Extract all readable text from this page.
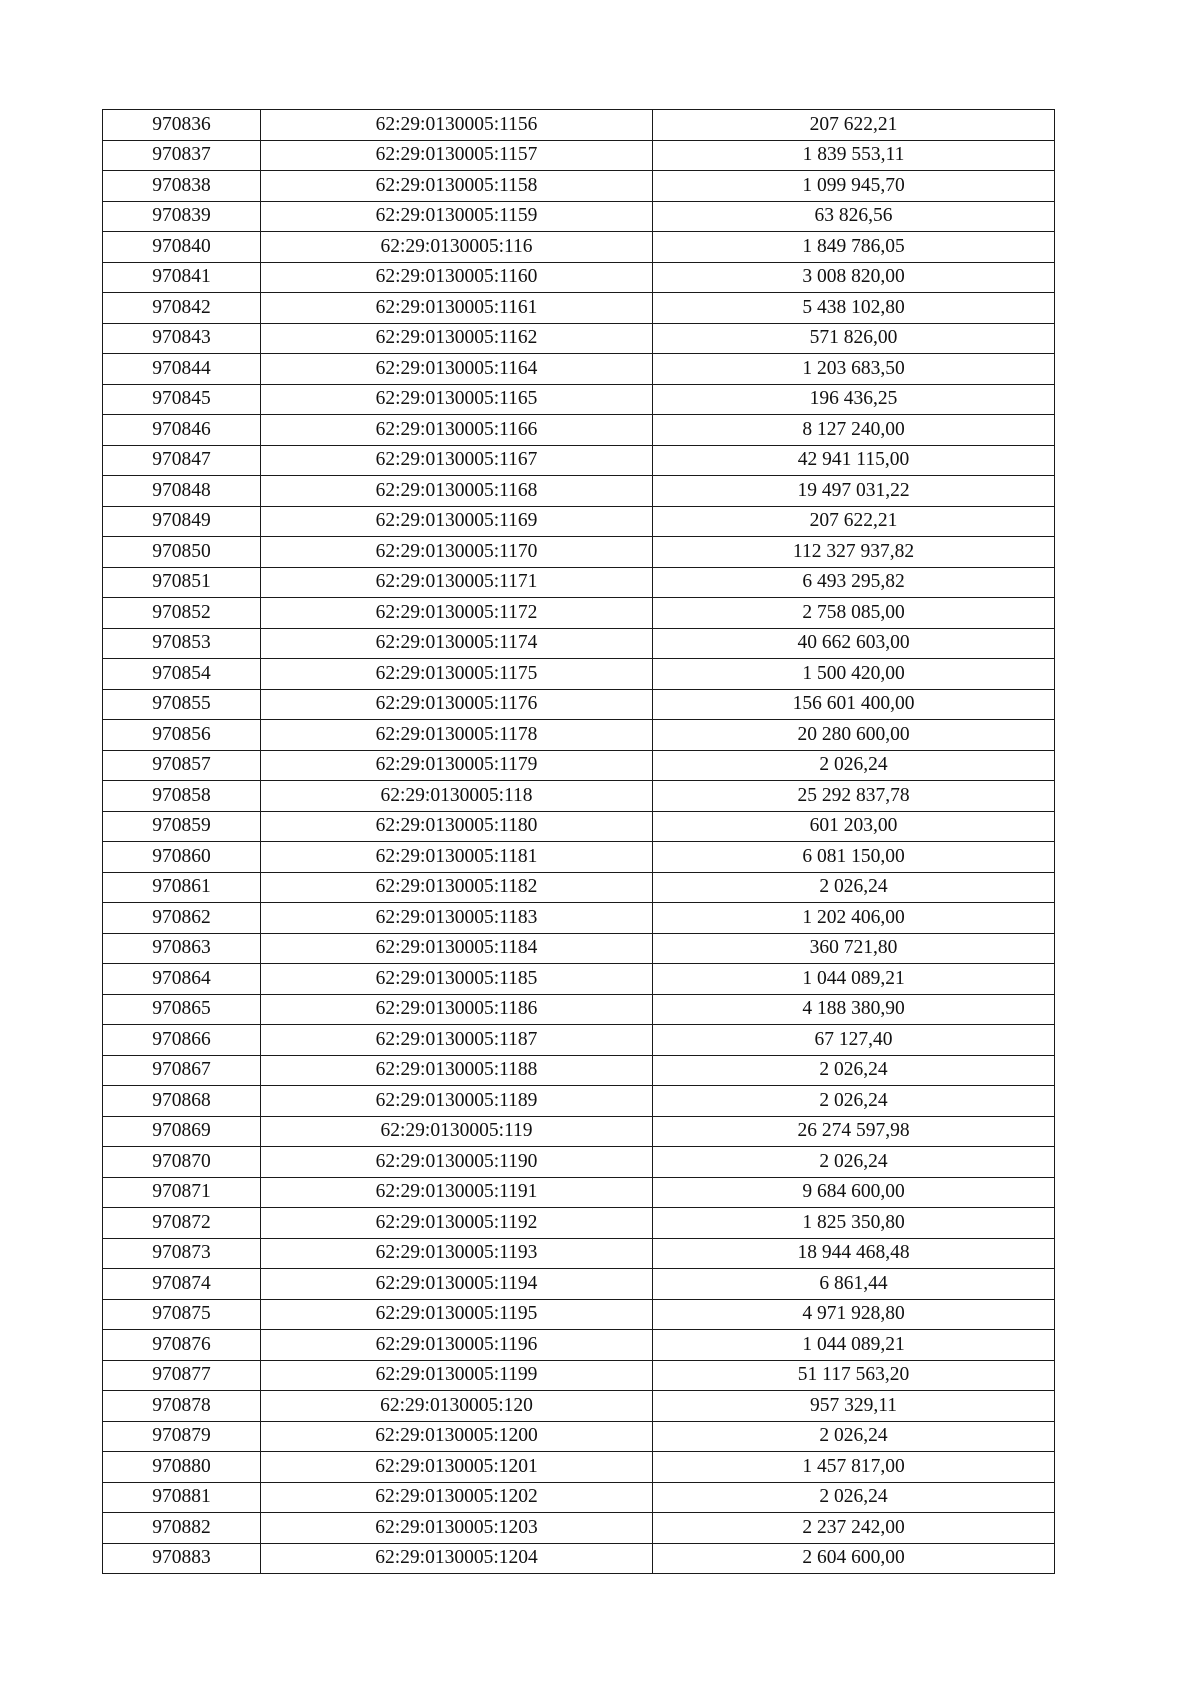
970836	62:29:0130005:1156	207 622,21
970837	62:29:0130005:1157	1 839 553,11
970838	62:29:0130005:1158	1 099 945,70
970839	62:29:0130005:1159	63 826,56
970840	62:29:0130005:116	1 849 786,05
970841	62:29:0130005:1160	3 008 820,00
970842	62:29:0130005:1161	5 438 102,80
970843	62:29:0130005:1162	571 826,00
970844	62:29:0130005:1164	1 203 683,50
970845	62:29:0130005:1165	196 436,25
970846	62:29:0130005:1166	8 127 240,00
970847	62:29:0130005:1167	42 941 115,00
970848	62:29:0130005:1168	19 497 031,22
970849	62:29:0130005:1169	207 622,21
970850	62:29:0130005:1170	112 327 937,82
970851	62:29:0130005:1171	6 493 295,82
970852	62:29:0130005:1172	2 758 085,00
970853	62:29:0130005:1174	40 662 603,00
970854	62:29:0130005:1175	1 500 420,00
970855	62:29:0130005:1176	156 601 400,00
970856	62:29:0130005:1178	20 280 600,00
970857	62:29:0130005:1179	2 026,24
970858	62:29:0130005:118	25 292 837,78
970859	62:29:0130005:1180	601 203,00
970860	62:29:0130005:1181	6 081 150,00
970861	62:29:0130005:1182	2 026,24
970862	62:29:0130005:1183	1 202 406,00
970863	62:29:0130005:1184	360 721,80
970864	62:29:0130005:1185	1 044 089,21
970865	62:29:0130005:1186	4 188 380,90
970866	62:29:0130005:1187	67 127,40
970867	62:29:0130005:1188	2 026,24
970868	62:29:0130005:1189	2 026,24
970869	62:29:0130005:119	26 274 597,98
970870	62:29:0130005:1190	2 026,24
970871	62:29:0130005:1191	9 684 600,00
970872	62:29:0130005:1192	1 825 350,80
970873	62:29:0130005:1193	18 944 468,48
970874	62:29:0130005:1194	6 861,44
970875	62:29:0130005:1195	4 971 928,80
970876	62:29:0130005:1196	1 044 089,21
970877	62:29:0130005:1199	51 117 563,20
970878	62:29:0130005:120	957 329,11
970879	62:29:0130005:1200	2 026,24
970880	62:29:0130005:1201	1 457 817,00
970881	62:29:0130005:1202	2 026,24
970882	62:29:0130005:1203	2 237 242,00
970883	62:29:0130005:1204	2 604 600,00
